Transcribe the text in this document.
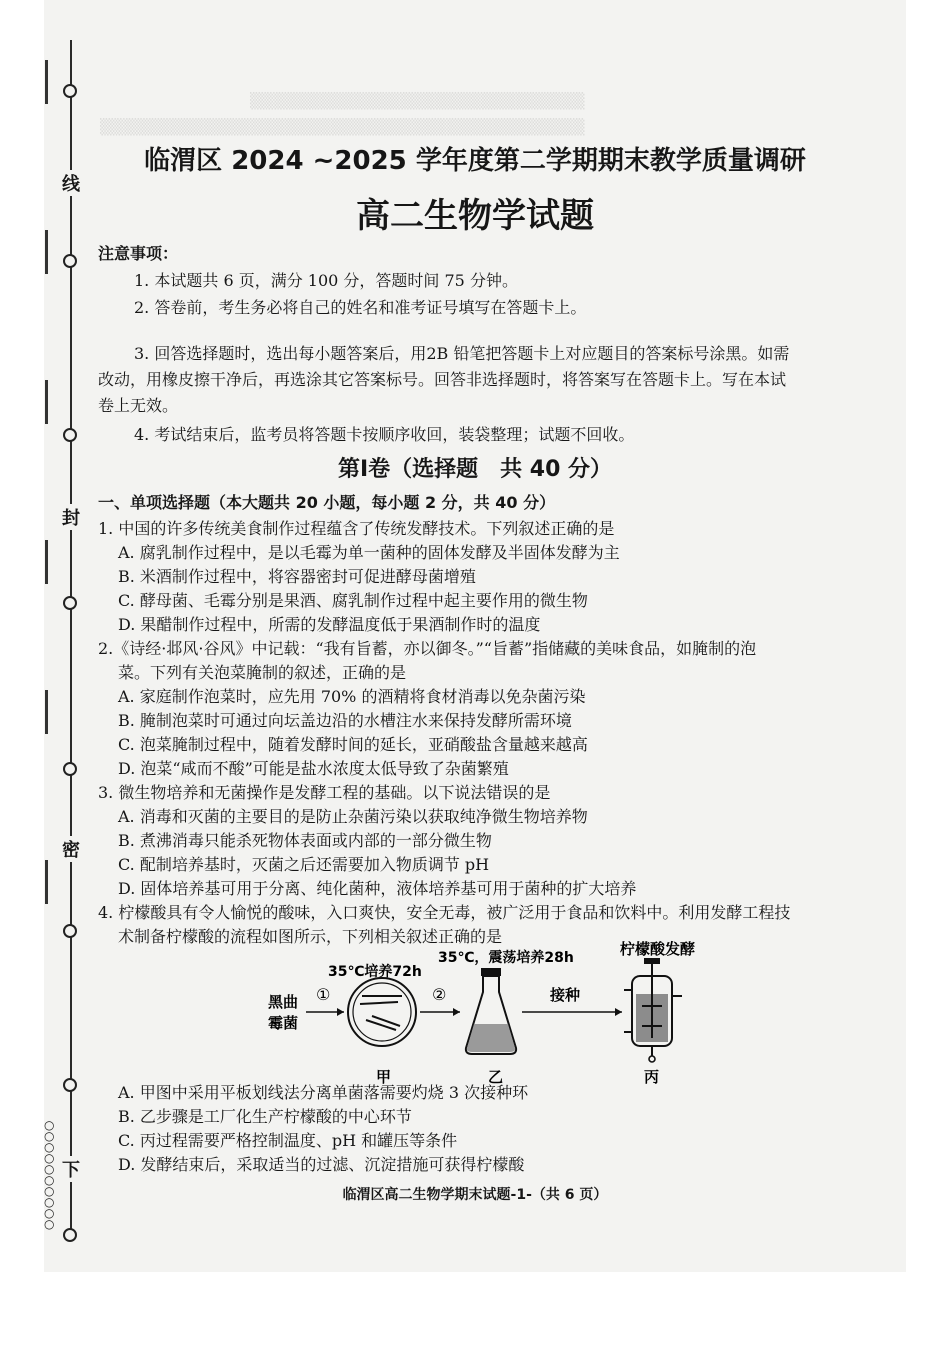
▒▒▒▒▒▒▒▒▒▒▒▒▒▒▒▒▒▒▒▒▒▒▒▒▒▒▒▒▒
▒▒▒▒▒▒▒▒▒▒▒▒▒▒▒▒▒▒▒▒▒▒▒▒▒▒▒▒▒▒▒▒▒▒▒▒▒▒▒▒▒▒
线
封
密
下
○
○
○
○
○
○
○
○
○
○
临渭区 2024 ~2025 学年度第二学期期末教学质量调研
高二生物学试题
注意事项：
1. 本试题共 6 页，满分 100 分，答题时间 75 分钟。
2. 答卷前，考生务必将自己的姓名和准考证号填写在答题卡上。
3. 回答选择题时，选出每小题答案后，用2B 铅笔把答题卡上对应题目的答案标号涂黑。如需
改动，用橡皮擦干净后，再选涂其它答案标号。回答非选择题时，将答案写在答题卡上。写在本试
卷上无效。
4. 考试结束后，监考员将答题卡按顺序收回，装袋整理；试题不回收。
第Ⅰ卷（选择题　共 40 分）
一、单项选择题（本大题共 20 小题，每小题 2 分，共 40 分）
1. 中国的许多传统美食制作过程蕴含了传统发酵技术。下列叙述正确的是
A. 腐乳制作过程中，是以毛霉为单一菌种的固体发酵及半固体发酵为主
B. 米酒制作过程中，将容器密封可促进酵母菌增殖
C. 酵母菌、毛霉分别是果酒、腐乳制作过程中起主要作用的微生物
D. 果醋制作过程中，所需的发酵温度低于果酒制作时的温度
2.《诗经·邶风·谷风》中记载：“我有旨蓄，亦以御冬。”“旨蓄”指储藏的美味食品，如腌制的泡
菜。下列有关泡菜腌制的叙述，正确的是
A. 家庭制作泡菜时，应先用 70% 的酒精将食材消毒以免杂菌污染
B. 腌制泡菜时可通过向坛盖边沿的水槽注水来保持发酵所需环境
C. 泡菜腌制过程中，随着发酵时间的延长，亚硝酸盐含量越来越高
D. 泡菜“咸而不酸”可能是盐水浓度太低导致了杂菌繁殖
3. 微生物培养和无菌操作是发酵工程的基础。以下说法错误的是
A. 消毒和灭菌的主要目的是防止杂菌污染以获取纯净微生物培养物
B. 煮沸消毒只能杀死物体表面或内部的一部分微生物
C. 配制培养基时，灭菌之后还需要加入物质调节 pH
D. 固体培养基可用于分离、纯化菌种，液体培养基可用于菌种的扩大培养
4. 柠檬酸具有令人愉悦的酸味，入口爽快，安全无毒，被广泛用于食品和饮料中。利用发酵工程技
术制备柠檬酸的流程如图所示，下列相关叙述正确的是
黑曲
霉菌
①
35℃培养72h
甲
②
35℃，震荡培养28h
乙
接种
柠檬酸发酵
丙
A. 甲图中采用平板划线法分离单菌落需要灼烧 3 次接种环
B. 乙步骤是工厂化生产柠檬酸的中心环节
C. 丙过程需要严格控制温度、pH 和罐压等条件
D. 发酵结束后，采取适当的过滤、沉淀措施可获得柠檬酸
临渭区高二生物学期末试题-1-（共 6 页）
